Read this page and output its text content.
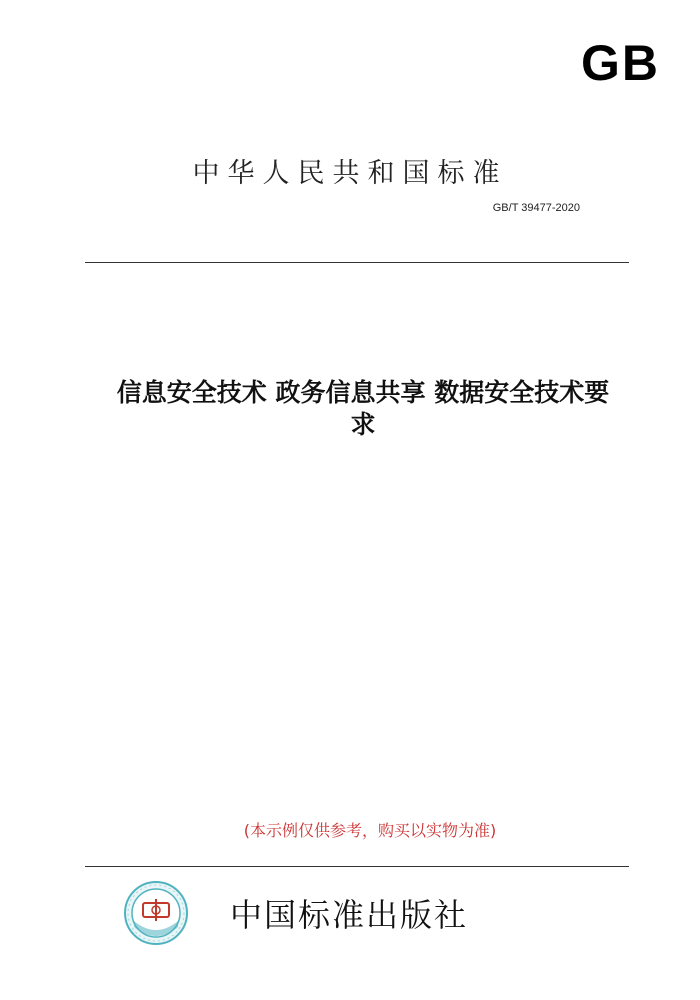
GB
中华人民共和国标准
GB/T 39477-2020
信息安全技术 政务信息共享 数据安全技术要
求
(本示例仅供参考，购买以实物为准)
中国标准出版社
